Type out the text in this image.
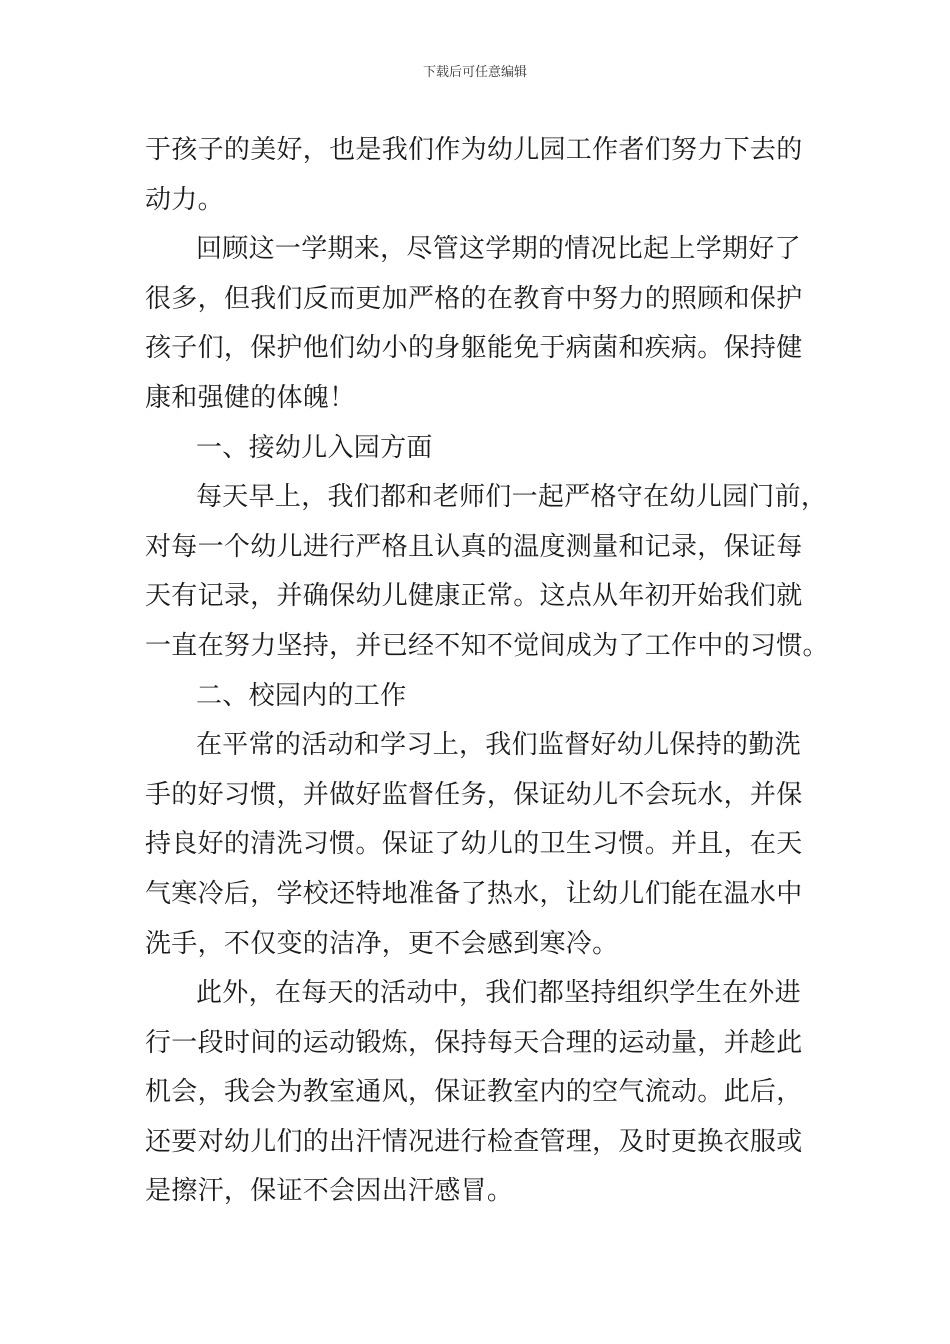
下载后可任意编辑
于孩子的美好，也是我们作为幼儿园工作者们努力下去的
动力。
回顾这一学期来，尽管这学期的情况比起上学期好了
很多，但我们反而更加严格的在教育中努力的照顾和保护
孩子们，保护他们幼小的身躯能免于病菌和疾病。保持健
康和强健的体魄！
一、接幼儿入园方面
每天早上，我们都和老师们一起严格守在幼儿园门前，
对每一个幼儿进行严格且认真的温度测量和记录，保证每
天有记录，并确保幼儿健康正常。这点从年初开始我们就
一直在努力坚持，并已经不知不觉间成为了工作中的习惯。
二、校园内的工作
在平常的活动和学习上，我们监督好幼儿保持的勤洗
手的好习惯，并做好监督任务，保证幼儿不会玩水，并保
持良好的清洗习惯。保证了幼儿的卫生习惯。并且，在天
气寒冷后，学校还特地准备了热水，让幼儿们能在温水中
洗手，不仅变的洁净，更不会感到寒冷。
此外，在每天的活动中，我们都坚持组织学生在外进
行一段时间的运动锻炼，保持每天合理的运动量，并趁此
机会，我会为教室通风，保证教室内的空气流动。此后，
还要对幼儿们的出汗情况进行检查管理，及时更换衣服或
是擦汗，保证不会因出汗感冒。
